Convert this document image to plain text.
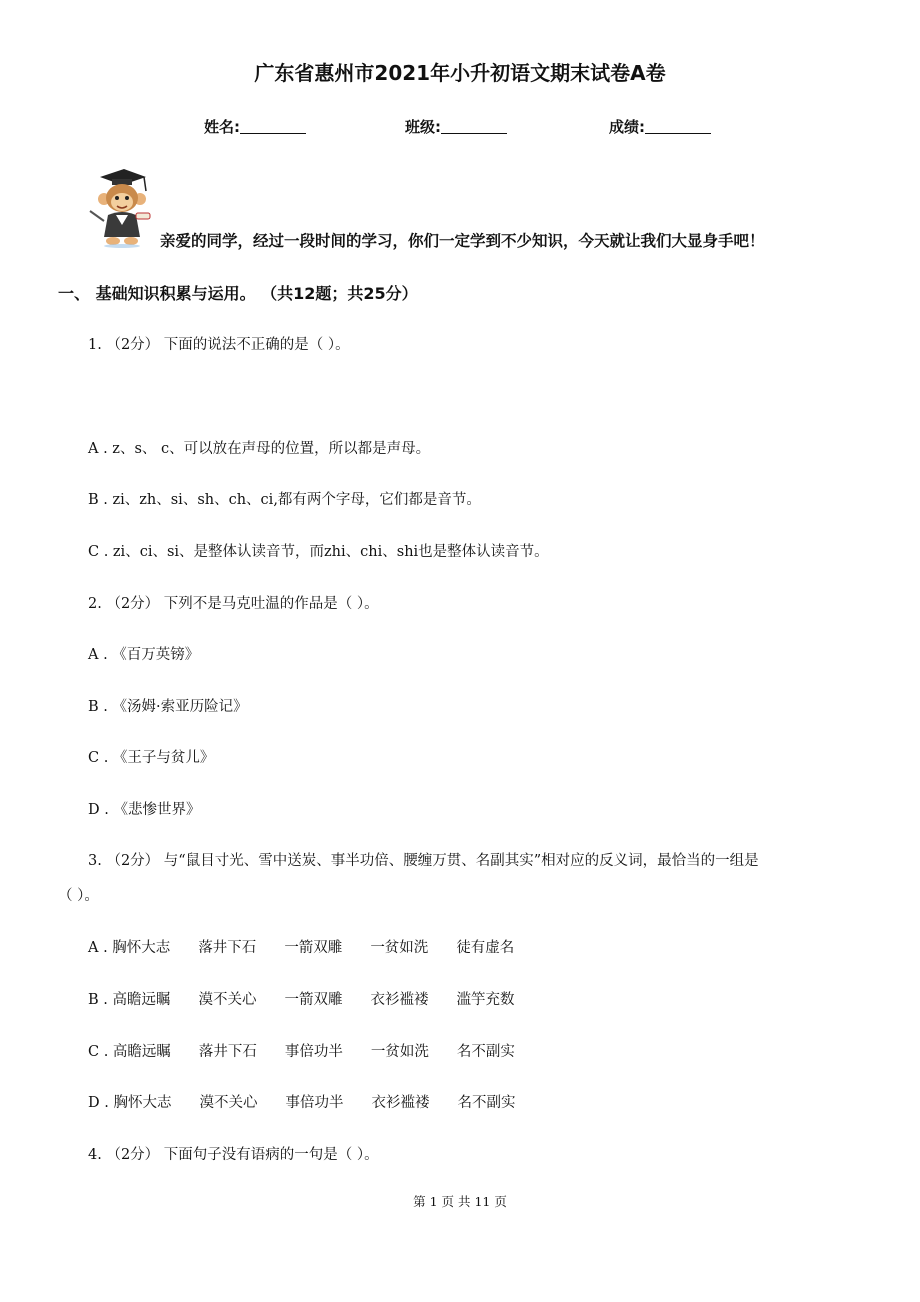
广东省惠州市2021年小升初语文期末试卷A卷
姓名:	班级:	成绩:
亲爱的同学，经过一段时间的学习，你们一定学到不少知识，今天就让我们大显身手吧！
一、 基础知识积累与运用。 （共12题；共25分）
1. （2分） 下面的说法不正确的是（ ）。
A . z、s、 c、可以放在声母的位置，所以都是声母。
B . zi、zh、si、sh、ch、ci,都有两个字母，它们都是音节。
C . zi、ci、si、是整体认读音节，而zhi、chi、shi也是整体认读音节。
2. （2分） 下列不是马克吐温的作品是（ ）。
A . 《百万英镑》
B . 《汤姆·索亚历险记》
C . 《王子与贫儿》
D . 《悲惨世界》
3. （2分） 与“鼠目寸光、雪中送炭、事半功倍、腰缠万贯、名副其实”相对应的反义词，最恰当的一组是
（ ）。
A . 胸怀大志 落井下石 一箭双雕 一贫如洗 徒有虚名
B . 高瞻远瞩 漠不关心 一箭双雕 衣衫褴褛 滥竽充数
C . 高瞻远瞩 落井下石 事倍功半 一贫如洗 名不副实
D . 胸怀大志 漠不关心 事倍功半 衣衫褴褛 名不副实
4. （2分） 下面句子没有语病的一句是（ ）。
第 1 页 共 11 页
